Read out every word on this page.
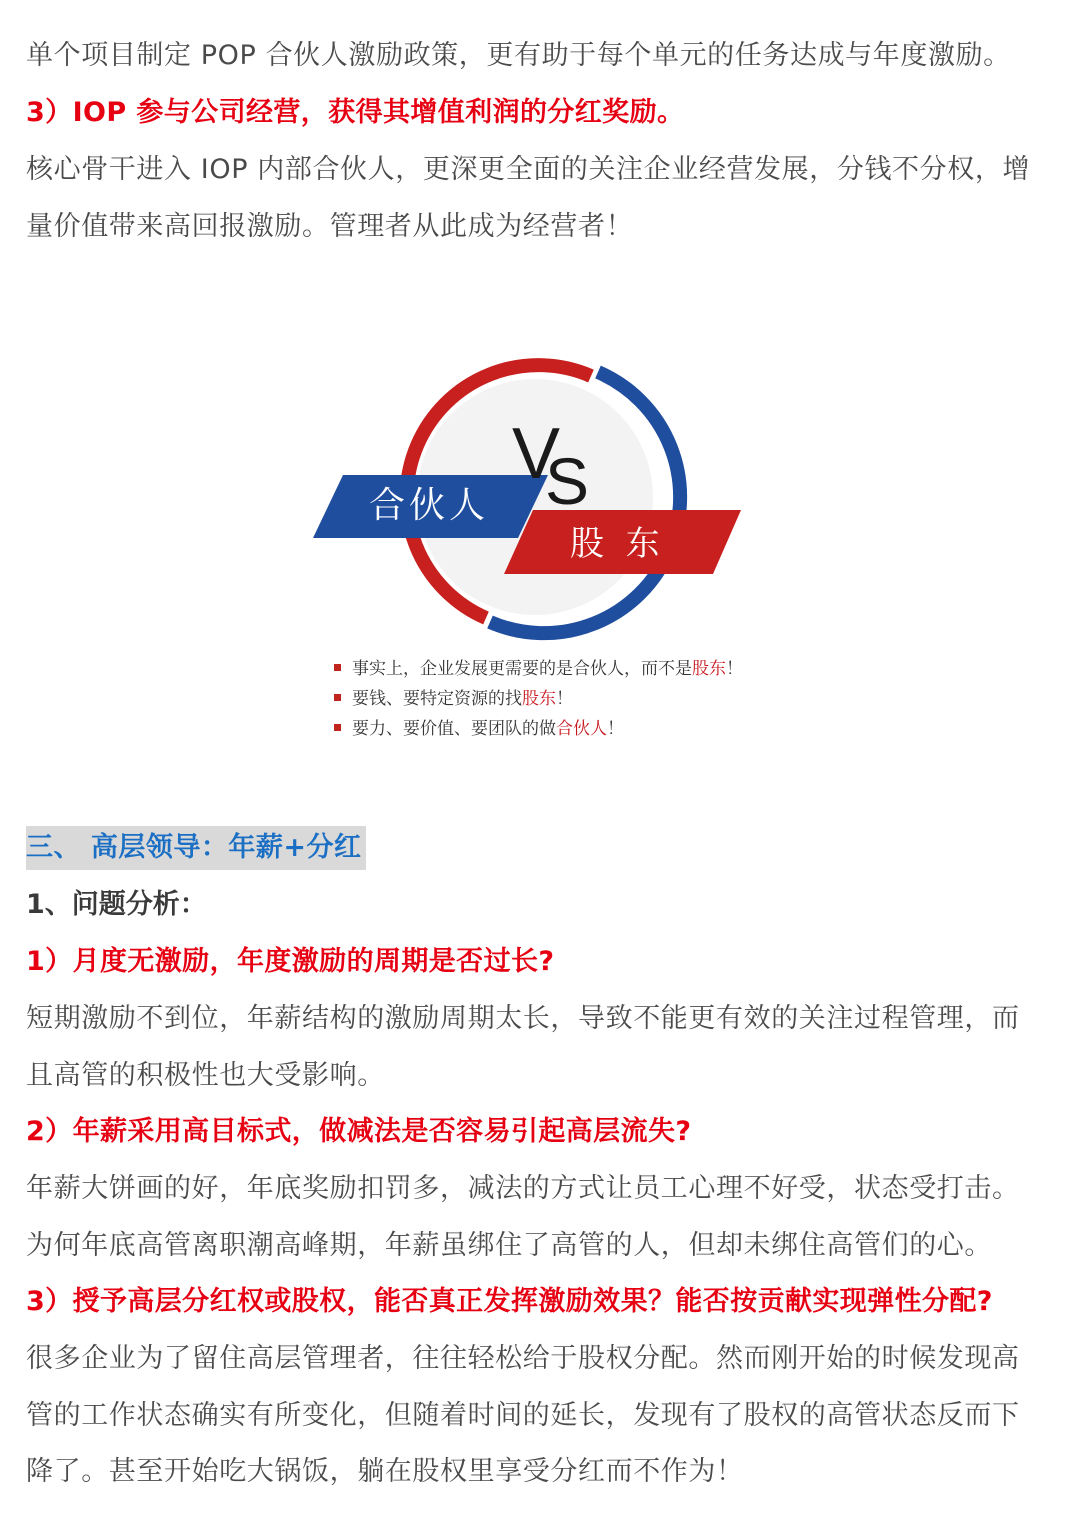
单个项目制定 POP 合伙人激励政策，更有助于每个单元的任务达成与年度激励。

3）IOP 参与公司经营，获得其增值利润的分红奖励。

核心骨干进入 IOP 内部合伙人，更深更全面的关注企业经营发展，分钱不分权，增

量价值带来高回报激励。管理者从此成为经营者！

V
S
合伙人
股  东
事实上，企业发展更需要的是合伙人，而不是股东！
要钱、要特定资源的找股东！
要力、要价值、要团队的做合伙人！
三、 高层领导：年薪+分红

1、问题分析：

1）月度无激励，年度激励的周期是否过长?

短期激励不到位，年薪结构的激励周期太长，导致不能更有效的关注过程管理，而

且高管的积极性也大受影响。

2）年薪采用高目标式，做减法是否容易引起高层流失?

年薪大饼画的好，年底奖励扣罚多，减法的方式让员工心理不好受，状态受打击。

为何年底高管离职潮高峰期，年薪虽绑住了高管的人，但却未绑住高管们的心。

3）授予高层分红权或股权，能否真正发挥激励效果？能否按贡献实现弹性分配?

很多企业为了留住高层管理者，往往轻松给于股权分配。然而刚开始的时候发现高

管的工作状态确实有所变化，但随着时间的延长，发现有了股权的高管状态反而下

降了。甚至开始吃大锅饭，躺在股权里享受分红而不作为！
